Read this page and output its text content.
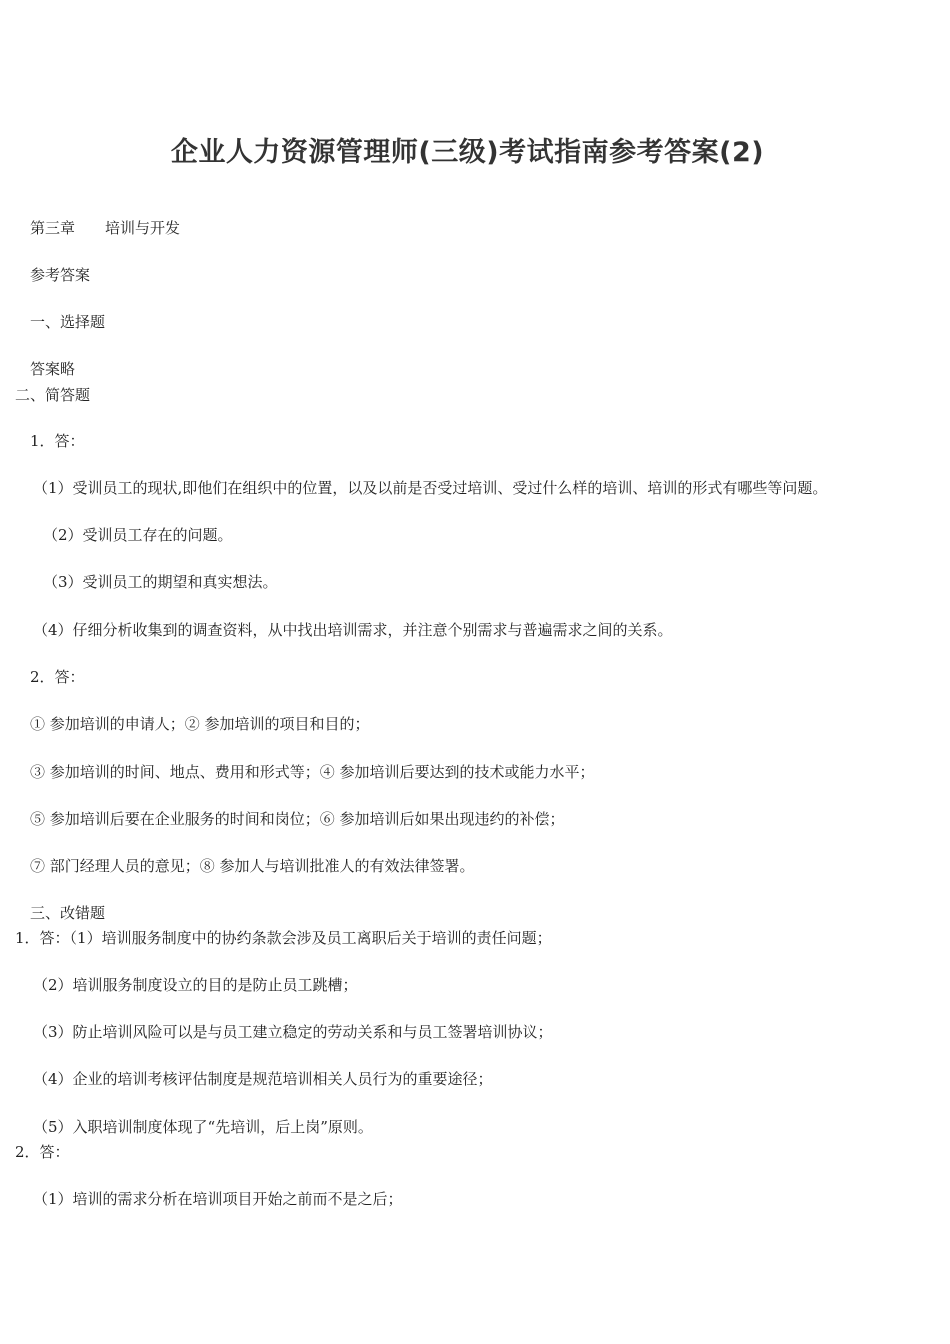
企业人力资源管理师(三级)考试指南参考答案(2)
第三章　　培训与开发
参考答案
一、选择题
答案略
二、简答题
1．答：
（1）受训员工的现状,即他们在组织中的位置，以及以前是否受过培训、受过什么样的培训、培训的形式有哪些等问题。
（2）受训员工存在的问题。
（3）受训员工的期望和真实想法。
（4）仔细分析收集到的调查资料，从中找出培训需求，并注意个别需求与普遍需求之间的关系。
2．答：
① 参加培训的申请人；② 参加培训的项目和目的；
③ 参加培训的时间、地点、费用和形式等；④ 参加培训后要达到的技术或能力水平；
⑤ 参加培训后要在企业服务的时间和岗位；⑥ 参加培训后如果出现违约的补偿；
⑦ 部门经理人员的意见；⑧ 参加人与培训批准人的有效法律签署。
三、改错题
1．答：（1）培训服务制度中的协约条款会涉及员工离职后关于培训的责任问题；
（2）培训服务制度设立的目的是防止员工跳槽；
（3）防止培训风险可以是与员工建立稳定的劳动关系和与员工签署培训协议；
（4）企业的培训考核评估制度是规范培训相关人员行为的重要途径；
（5）入职培训制度体现了“先培训，后上岗”原则。
2．答：
（1）培训的需求分析在培训项目开始之前而不是之后；
